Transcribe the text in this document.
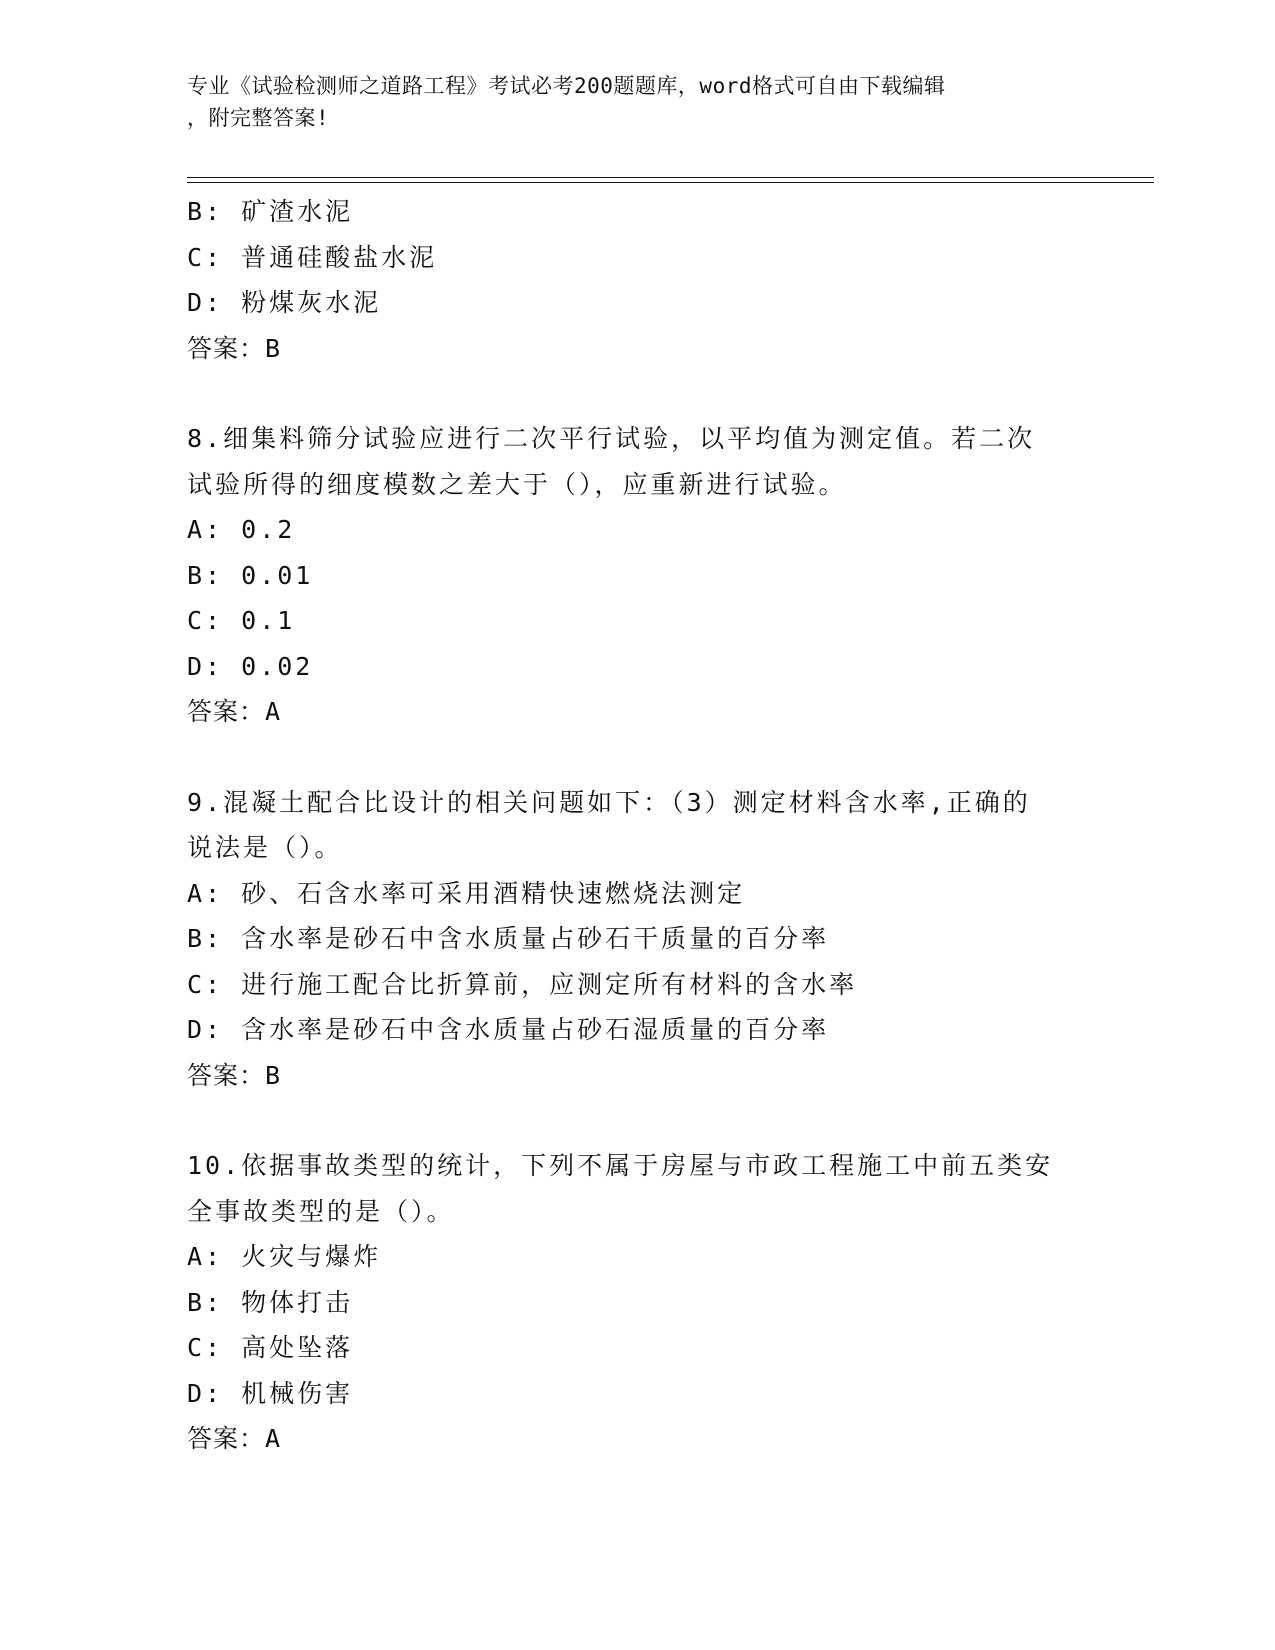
专业《试验检测师之道路工程》考试必考200题题库，word格式可自由下载编辑
，附完整答案!
B: 矿渣水泥
C: 普通硅酸盐水泥
D: 粉煤灰水泥
答案：B
8.细集料筛分试验应进行二次平行试验，以平均值为测定值。若二次
试验所得的细度模数之差大于（），应重新进行试验。
A: 0.2
B: 0.01
C: 0.1
D: 0.02
答案：A
9.混凝土配合比设计的相关问题如下：（3）测定材料含水率,正确的
说法是（）。
A: 砂、石含水率可采用酒精快速燃烧法测定
B: 含水率是砂石中含水质量占砂石干质量的百分率
C: 进行施工配合比折算前，应测定所有材料的含水率
D: 含水率是砂石中含水质量占砂石湿质量的百分率
答案：B
10.依据事故类型的统计，下列不属于房屋与市政工程施工中前五类安
全事故类型的是（）。
A: 火灾与爆炸
B: 物体打击
C: 高处坠落
D: 机械伤害
答案：A
